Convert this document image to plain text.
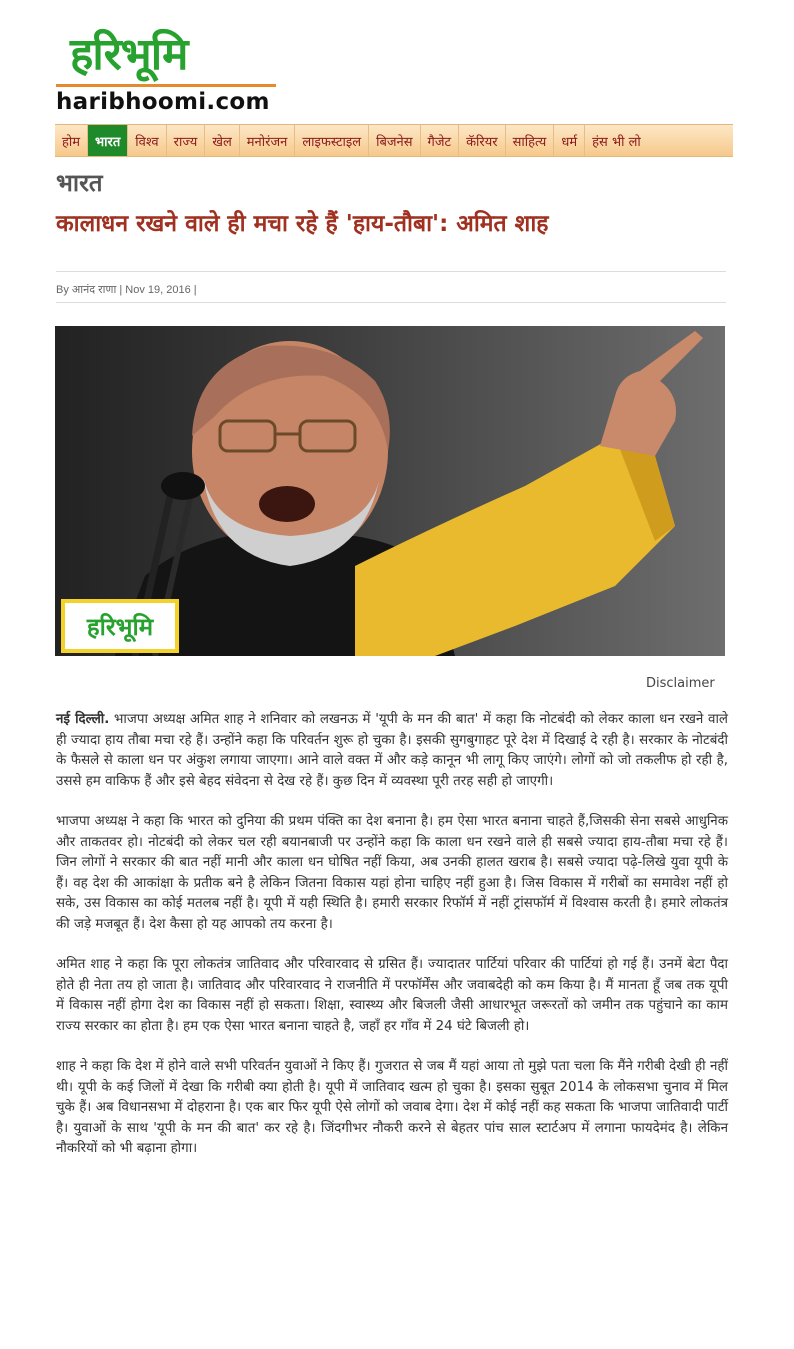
हरिभूमि
haribhoomi.com
होम	भारत	विश्व	राज्य	खेल	मनोरंजन	लाइफस्टाइल	बिजनेस	गैजेट	कॅरियर	साहित्य	धर्म	हंस भी लो
भारत
कालाधन रखने वाले ही मचा रहे हैं 'हाय-तौबा': अमित शाह
By आनंद राणा | Nov 19, 2016 |
हरिभूमि
Disclaimer

नई दिल्ली. भाजपा अध्यक्ष अमित शाह ने शनिवार को लखनऊ में 'यूपी के मन की बात' में कहा कि नोटबंदी को लेकर काला धन रखने वाले ही ज्यादा हाय तौबा मचा रहे हैं। उन्होंने कहा कि परिवर्तन शुरू हो चुका है। इसकी सुगबुगाहट पूरे देश में दिखाई दे रही है। सरकार के नोटबंदी के फैसले से काला धन पर अंकुश लगाया जाएगा। आने वाले वक्त में और कड़े कानून भी लागू किए जाएंगे। लोगों को जो तकलीफ हो रही है, उससे हम वाकिफ हैं और इसे बेहद संवेदना से देख रहे हैं। कुछ दिन में व्यवस्था पूरी तरह सही हो जाएगी।

भाजपा अध्यक्ष ने कहा कि भारत को दुनिया की प्रथम पंक्ति का देश बनाना है। हम ऐसा भारत बनाना चाहते हैं,जिसकी सेना सबसे आधुनिक और ताकतवर हो। नोटबंदी को लेकर चल रही बयानबाजी पर उन्होंने कहा कि काला धन रखने वाले ही सबसे ज्यादा हाय-तौबा मचा रहे हैं। जिन लोगों ने सरकार की बात नहीं मानी और काला धन घोषित नहीं किया, अब उनकी हालत खराब है। सबसे ज्यादा पढ़े-लिखे युवा यूपी के हैं। वह देश की आकांक्षा के प्रतीक बने है लेकिन जितना विकास यहां होना चाहिए नहीं हुआ है। जिस विकास में गरीबों का समावेश नहीं हो सके, उस विकास का कोई मतलब नहीं है। यूपी में यही स्थिति है। हमारी सरकार रिफॉर्म में नहीं ट्रांसफॉर्म में विश्वास करती है। हमारे लोकतंत्र की जड़े मजबूत हैं। देश कैसा हो यह आपको तय करना है।

अमित शाह ने कहा कि पूरा लोकतंत्र जातिवाद और परिवारवाद से ग्रसित हैं। ज्यादातर पार्टियां परिवार की पार्टियां हो गई हैं। उनमें बेटा पैदा होते ही नेता तय हो जाता है। जातिवाद और परिवारवाद ने राजनीति में परफॉर्मेंस और जवाबदेही को कम किया है। मैं मानता हूँ जब तक यूपी में विकास नहीं होगा देश का विकास नहीं हो सकता। शिक्षा, स्वास्थ्य और बिजली जैसी आधारभूत जरूरतों को जमीन तक पहुंचाने का काम राज्य सरकार का होता है। हम एक ऐसा भारत बनाना चाहते है, जहाँ हर गाँव में 24 घंटे बिजली हो।

शाह ने कहा कि देश में होने वाले सभी परिवर्तन युवाओं ने किए हैं। गुजरात से जब मैं यहां आया तो मुझे पता चला कि मैंने गरीबी देखी ही नहीं थी। यूपी के कई जिलों में देखा कि गरीबी क्या होती है। यूपी में जातिवाद खत्म हो चुका है। इसका सुबूत 2014 के लोकसभा चुनाव में मिल चुके हैं। अब विधानसभा में दोहराना है। एक बार फिर यूपी ऐसे लोगों को जवाब देगा। देश में कोई नहीं कह सकता कि भाजपा जातिवादी पार्टी है। युवाओं के साथ 'यूपी के मन की बात' कर रहे है। जिंदगीभर नौकरी करने से बेहतर पांच साल स्टार्टअप में लगाना फायदेमंद है। लेकिन नौकरियों को भी बढ़ाना होगा।
